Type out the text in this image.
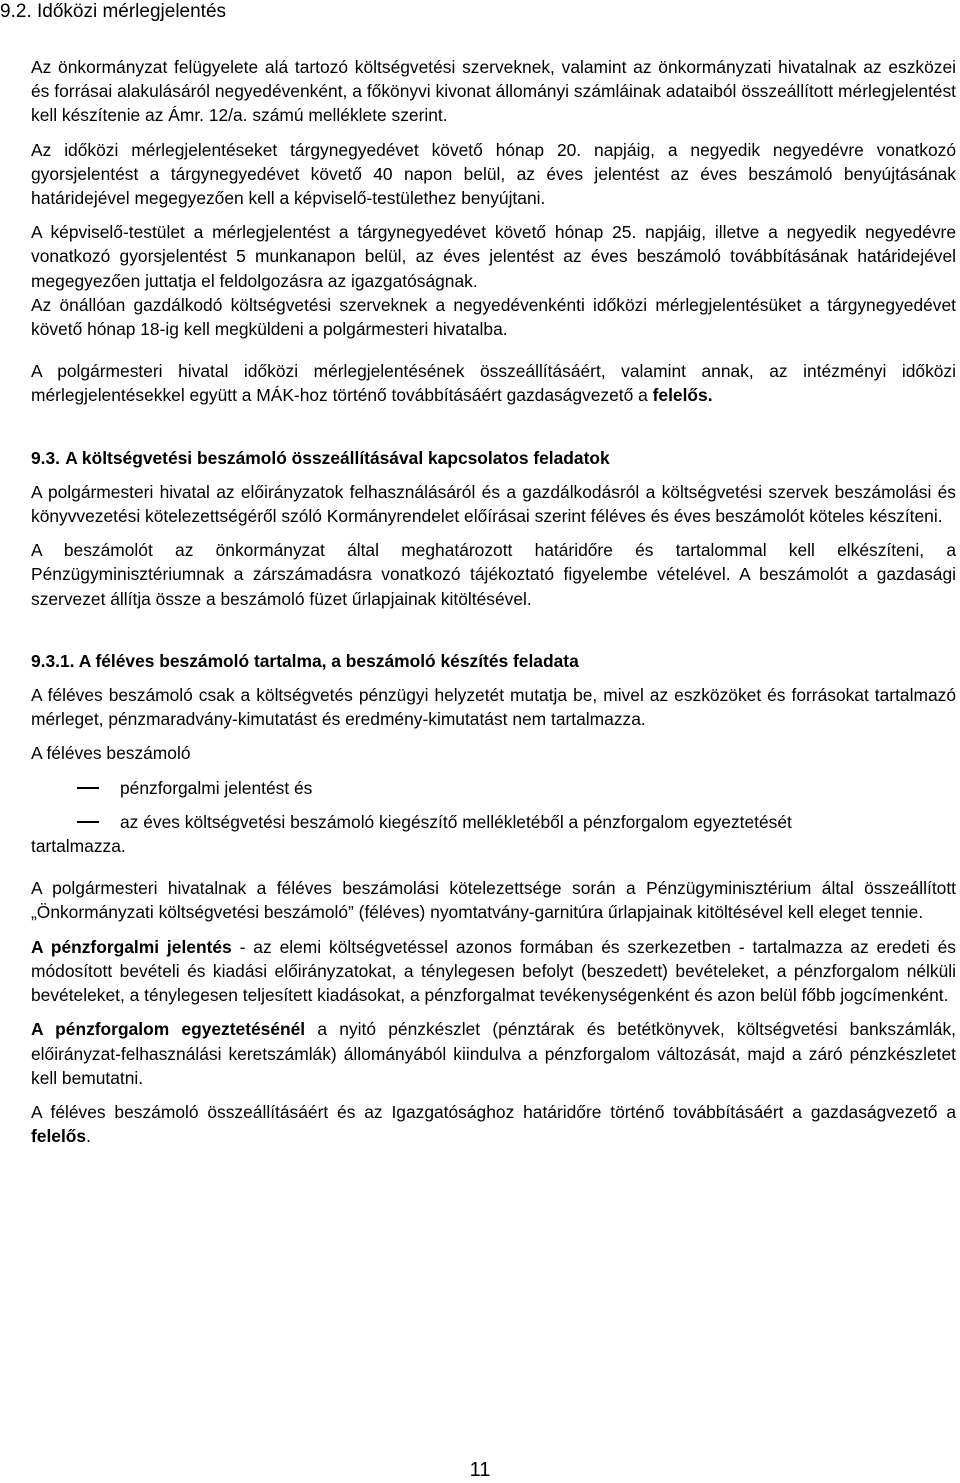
9.2. Időközi mérlegjelentés

Az önkormányzat felügyelete alá tartozó költségvetési szerveknek, valamint az önkormányzati hivatalnak az eszközei és forrásai alakulásáról negyedévenként, a főkönyvi kivonat állományi számláinak adataiból összeállított mérlegjelentést kell készítenie az Ámr. 12/a. számú melléklete szerint.

Az időközi mérlegjelentéseket tárgynegyedévet követő hónap 20. napjáig, a negyedik negyedévre vonatkozó gyorsjelentést a tárgynegyedévet követő 40 napon belül, az éves jelentést az éves beszámoló benyújtásának határidejével megegyezően kell a képviselő-testülethez benyújtani.

A képviselő-testület a mérlegjelentést a tárgynegyedévet követő hónap 25. napjáig, illetve a negyedik negyedévre vonatkozó gyorsjelentést 5 munkanapon belül, az éves jelentést az éves beszámoló továbbításának határidejével megegyezően juttatja el feldolgozásra az igazgatóságnak.

Az önállóan gazdálkodó költségvetési szerveknek a negyedévenkénti időközi mérlegjelentésüket a tárgynegyedévet követő hónap 18-ig kell megküldeni a polgármesteri hivatalba.

A polgármesteri hivatal időközi mérlegjelentésének összeállításáért, valamint annak, az intézményi időközi mérlegjelentésekkel együtt a MÁK-hoz történő továbbításáért gazdaságvezető a felelős.

9.3. A költségvetési beszámoló összeállításával kapcsolatos feladatok

A polgármesteri hivatal az előirányzatok felhasználásáról és a gazdálkodásról a költségvetési szervek beszámolási és könyvvezetési kötelezettségéről szóló Kormányrendelet előírásai szerint féléves és éves beszámolót köteles készíteni.

A beszámolót az önkormányzat által meghatározott határidőre és tartalommal kell elkészíteni, a Pénzügyminisztériumnak a zárszámadásra vonatkozó tájékoztató figyelembe vételével. A beszámolót a gazdasági szervezet állítja össze a beszámoló füzet űrlapjainak kitöltésével.

9.3.1. A féléves beszámoló tartalma, a beszámoló készítés feladata

A féléves beszámoló csak a költségvetés pénzügyi helyzetét mutatja be, mivel az eszközöket és forrásokat tartalmazó mérleget, pénzmaradvány-kimutatást és eredmény-kimutatást nem tartalmazza.

A féléves beszámoló

pénzforgalmi jelentést és

az éves költségvetési beszámoló kiegészítő mellékletéből a pénzforgalom egyeztetését

tartalmazza.

A polgármesteri hivatalnak a féléves beszámolási kötelezettsége során a Pénzügyminisztérium által összeállított „Önkormányzati költségvetési beszámoló” (féléves) nyomtatvány-garnitúra űrlapjainak kitöltésével kell eleget tennie.

A pénzforgalmi jelentés - az elemi költségvetéssel azonos formában és szerkezetben - tartalmazza az eredeti és módosított bevételi és kiadási előirányzatokat, a ténylegesen befolyt (beszedett) bevételeket, a pénzforgalom nélküli bevételeket, a ténylegesen teljesített kiadásokat, a pénzforgalmat tevékenységenként és azon belül főbb jogcímenként.

A pénzforgalom egyeztetésénél a nyitó pénzkészlet (pénztárak és betétkönyvek, költségvetési bankszámlák, előirányzat-felhasználási keretszámlák) állományából kiindulva a pénzforgalom változását, majd a záró pénzkészletet kell bemutatni.

A féléves beszámoló összeállításáért és az Igazgatósághoz határidőre történő továbbításáért a gazdaságvezető a felelős.

11
